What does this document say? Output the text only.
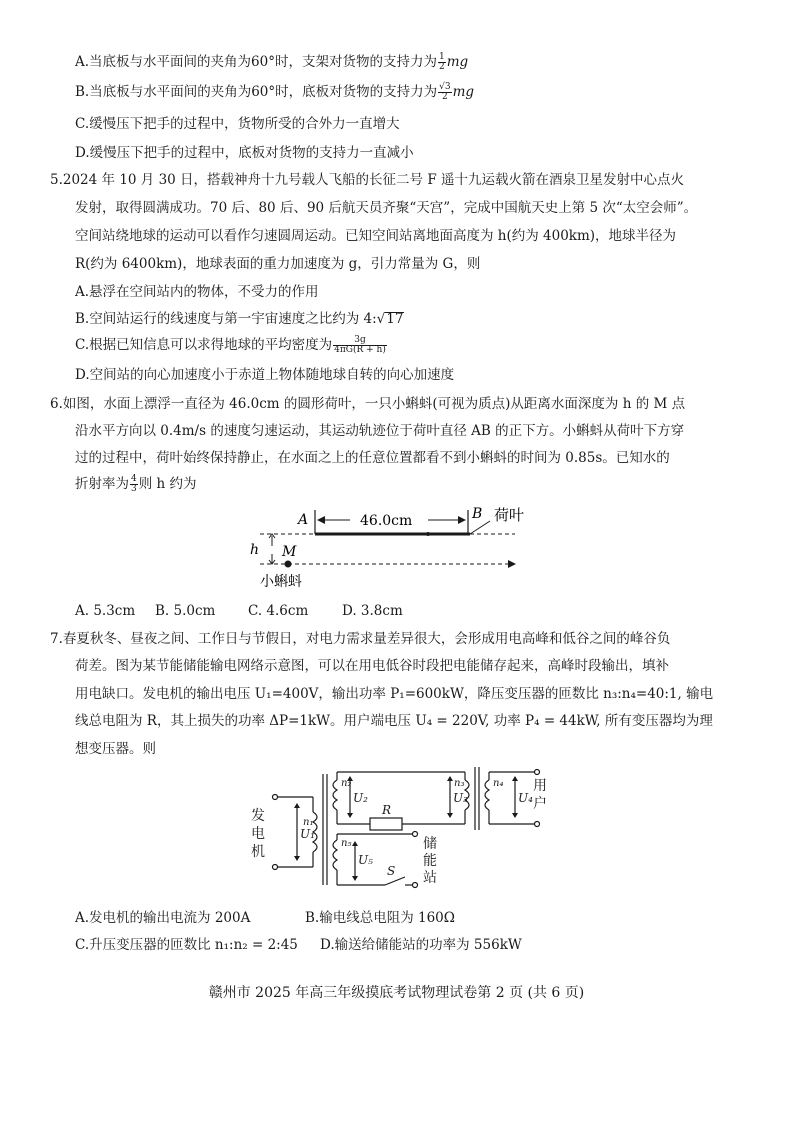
A.当底板与水平面间的夹角为60°时，支架对货物的支持力为 $\frac{1}{2}$ mg
B.当底板与水平面间的夹角为60°时，底板对货物的支持力为 $\frac{√3}{2}$ mg
C.缓慢压下把手的过程中，货物所受的合外力一直增大
D.缓慢压下把手的过程中，底板对货物的支持力一直减小
5.2024 年 10 月 30 日，搭载神舟十九号载人飞船的长征二号 F 遥十九运载火箭在酒泉卫星发射中心点火
发射，取得圆满成功。70 后、80 后、90 后航天员齐聚“天宫”，完成中国航天史上第 5 次“太空会师”。
空间站绕地球的运动可以看作匀速圆周运动。已知空间站离地面高度为 h(约为 400km)，地球半径为
R(约为 6400km)，地球表面的重力加速度为 g，引力常量为 G，则
A.悬浮在空间站内的物体，不受力的作用
B.空间站运行的线速度与第一宇宙速度之比约为 4:√17
C.根据已知信息可以求得地球的平均密度为 $\frac{3g}{4\pi G(R + h)}$
D.空间站的向心加速度小于赤道上物体随地球自转的向心加速度
6.如图，水面上漂浮一直径为 46.0cm 的圆形荷叶，一只小蝌蚪(可视为质点)从距离水面深度为 h 的 M 点
沿水平方向以 0.4m/s 的速度匀速运动，其运动轨迹位于荷叶直径 AB 的正下方。小蝌蚪从荷叶下方穿
过的过程中，荷叶始终保持静止，在水面之上的任意位置都看不到小蝌蚪的时间为 0.85s。已知水的
折射率为 $\frac{4}{3}$ 则 h 约为
A	B
46.0cm	荷叶
h M
小蝌蚪
A. 5.3cm B. 5.0cm C. 4.6cm D. 3.8cm
7.春夏秋冬、昼夜之间、工作日与节假日，对电力需求量差异很大，会形成用电高峰和低谷之间的峰谷负
荷差。图为某节能储能输电网络示意图，可以在用电低谷时段把电能储存起来，高峰时段输出，填补
用电缺口。发电机的输出电压 U₁=400V，输出功率 P₁=600kW，降压变压器的匝数比 n₃:n₄=40:1, 输电
线总电阻为 R，其上损失的功率 ΔP=1kW。用户端电压 U₄ = 220V, 功率 P₄ = 44kW, 所有变压器均为理
想变压器。则
U₁
n₁
n₂
U₂	U₃
n₃	n₄
U₄
n₅
U₅
R
S
发
电
机	储
能
站
用
户
A.发电机的输出电流为 200A	B.输电线总电阻为 160Ω
C.升压变压器的匝数比 n₁:n₂ = 2:45 D.输送给储能站的功率为 556kW
赣州市 2025 年高三年级摸底考试物理试卷第 2 页 (共 6 页)
